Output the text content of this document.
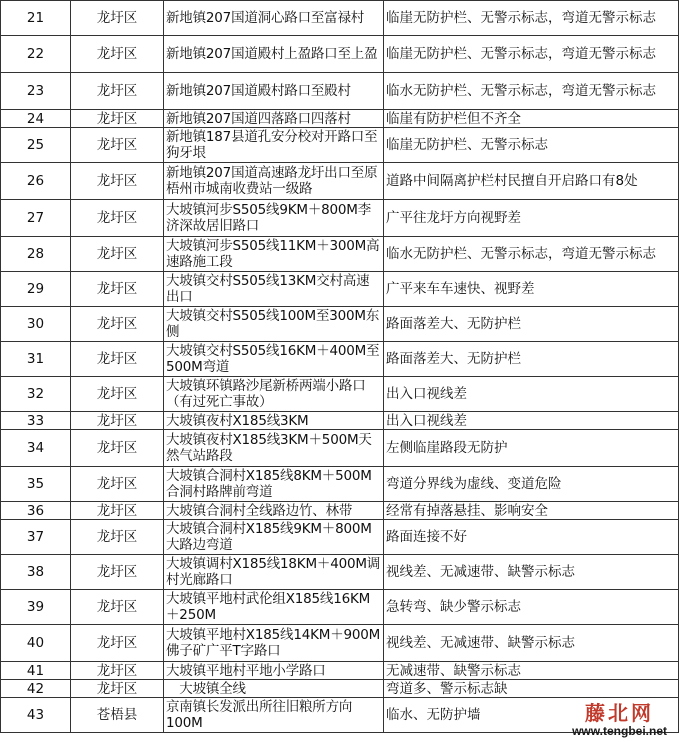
21	龙圩区	新地镇207国道洞心路口至富禄村	临崖无防护栏、无警示标志，弯道无警示标志
22	龙圩区	新地镇207国道殿村上盈路口至上盈	临崖无防护栏、无警示标志，弯道无警示标志
23	龙圩区	新地镇207国道殿村路口至殿村	临水无防护栏、无警示标志，弯道无警示标志
24	龙圩区	新地镇207国道四落路口四落村	临崖有防护栏但不齐全
25	龙圩区	新地镇187县道孔安分校对开路口至狗牙垠	临崖无防护栏、无警示标志
26	龙圩区	新地镇207国道高速路龙圩出口至原梧州市城南收费站一级路	道路中间隔离护栏村民擅自开启路口有8处
27	龙圩区	大坡镇河步S505线9KM＋800M李济深故居旧路口	广平往龙圩方向视野差
28	龙圩区	大坡镇河步S505线11KM＋300M高速路施工段	临水无防护栏、无警示标志，弯道无警示标志
29	龙圩区	大坡镇交村S505线13KM交村高速出口	广平来车车速快、视野差
30	龙圩区	大坡镇交村S505线100M至300M东侧	路面落差大、无防护栏
31	龙圩区	大坡镇交村S505线16KM＋400M至500M弯道	路面落差大、无防护栏
32	龙圩区	大坡镇环镇路沙尾新桥两端小路口（有过死亡事故）	出入口视线差
33	龙圩区	大坡镇夜村X185线3KM	出入口视线差
34	龙圩区	大坡镇夜村X185线3KM＋500M天然气站路段	左侧临崖路段无防护
35	龙圩区	大坡镇合洞村X185线8KM＋500M合洞村路牌前弯道	弯道分界线为虚线、变道危险
36	龙圩区	大坡镇合洞村全线路边竹、林带	经常有掉落悬挂、影响安全
37	龙圩区	大坡镇合洞村X185线9KM＋800M大路边弯道	路面连接不好
38	龙圩区	大坡镇调村X185线18KM＋400M调村光廊路口	视线差、无减速带、缺警示标志
39	龙圩区	大坡镇平地村武伦组X185线16KM＋250M	急转弯、缺少警示标志
40	龙圩区	大坡镇平地村X185线14KM＋900M佛子矿广平T字路口	视线差、无减速带、缺警示标志
41	龙圩区	大坡镇平地村平地小学路口	无减速带、缺警示标志
42	龙圩区	　大坡镇全线	弯道多、警示标志缺
43	苍梧县	京南镇长发派出所往旧粮所方向100M	临水、无防护墙	藤北网
www.tengbei.net
